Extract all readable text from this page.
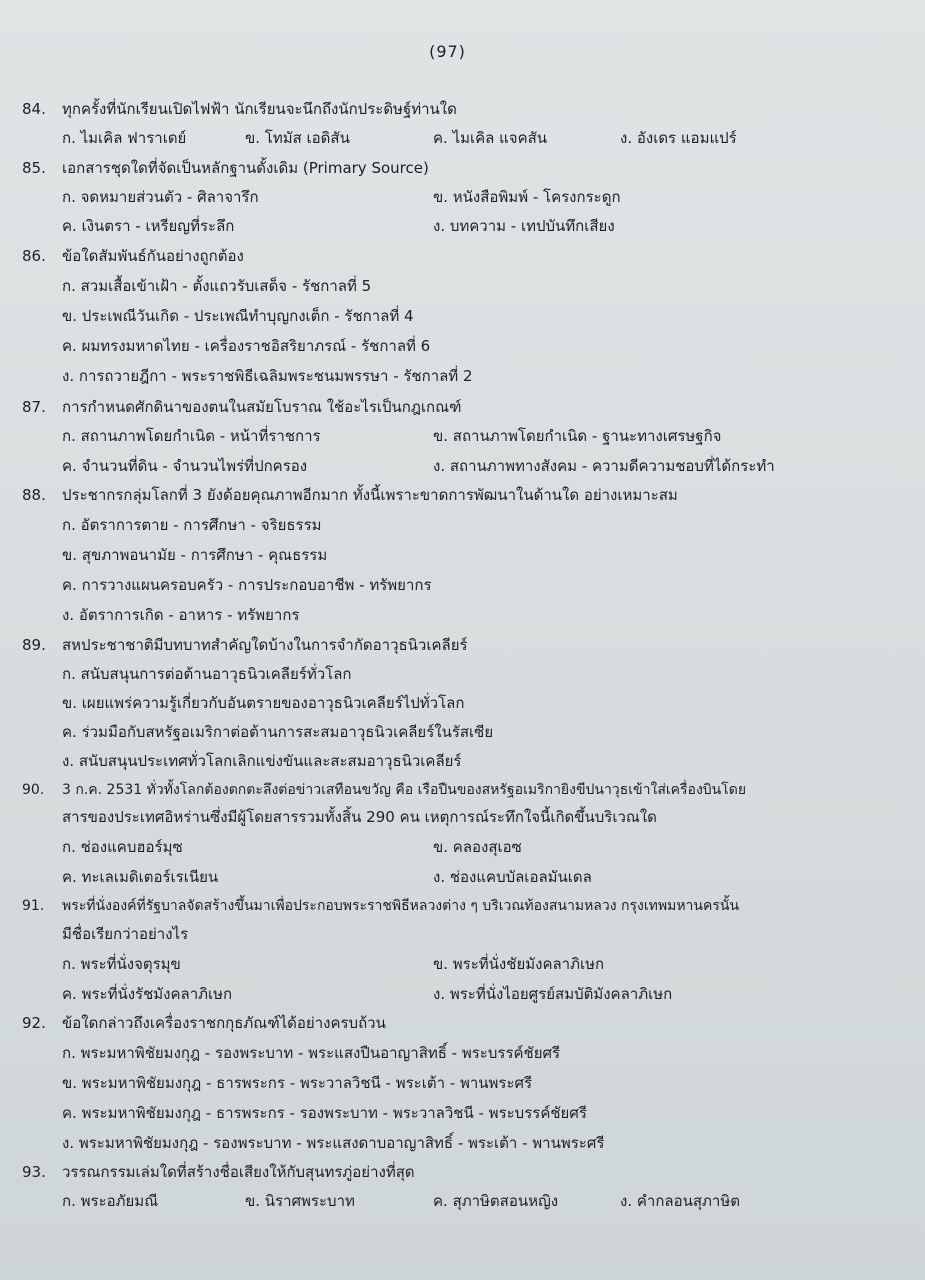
(97)
84. ทุกครั้งที่นักเรียนเปิดไฟฟ้า นักเรียนจะนึกถึงนักประดิษฐ์ท่านใด
ก. ไมเคิล ฟาราเดย์	ข. โทมัส เอดิสัน	ค. ไมเคิล แจคสัน	ง. อังเดร แอมแปร์
85. เอกสารชุดใดที่จัดเป็นหลักฐานดั้งเดิม (Primary Source)
ก. จดหมายส่วนตัว - ศิลาจารึก	ข. หนังสือพิมพ์ - โครงกระดูก
ค. เงินตรา - เหรียญที่ระลึก	ง. บทความ - เทปบันทึกเสียง
86. ข้อใดสัมพันธ์กันอย่างถูกต้อง
ก. สวมเสื้อเข้าเฝ้า - ตั้งแถวรับเสด็จ - รัชกาลที่ 5
ข. ประเพณีวันเกิด - ประเพณีทำบุญกงเต็ก - รัชกาลที่ 4
ค. ผมทรงมหาดไทย - เครื่องราชอิสริยาภรณ์ - รัชกาลที่ 6
ง. การถวายฎีกา - พระราชพิธีเฉลิมพระชนมพรรษา - รัชกาลที่ 2
87. การกำหนดศักดินาของตนในสมัยโบราณ ใช้อะไรเป็นกฎเกณฑ์
ก. สถานภาพโดยกำเนิด - หน้าที่ราชการ	ข. สถานภาพโดยกำเนิด - ฐานะทางเศรษฐกิจ
ค. จำนวนที่ดิน - จำนวนไพร่ที่ปกครอง	ง. สถานภาพทางสังคม - ความดีความชอบที่ได้กระทำ
88. ประชากรกลุ่มโลกที่ 3 ยังด้อยคุณภาพอีกมาก ทั้งนี้เพราะขาดการพัฒนาในด้านใด อย่างเหมาะสม
ก. อัตราการตาย - การศึกษา - จริยธรรม
ข. สุขภาพอนามัย - การศึกษา - คุณธรรม
ค. การวางแผนครอบครัว - การประกอบอาชีพ - ทรัพยากร
ง. อัตราการเกิด - อาหาร - ทรัพยากร
89. สหประชาชาติมีบทบาทสำคัญใดบ้างในการจำกัดอาวุธนิวเคลียร์
ก. สนับสนุนการต่อต้านอาวุธนิวเคลียร์ทั่วโลก
ข. เผยแพร่ความรู้เกี่ยวกับอันตรายของอาวุธนิวเคลียร์ไปทั่วโลก
ค. ร่วมมือกับสหรัฐอเมริกาต่อต้านการสะสมอาวุธนิวเคลียร์ในรัสเซีย
ง. สนับสนุนประเทศทั่วโลกเลิกแข่งขันและสะสมอาวุธนิวเคลียร์
90. 3 ก.ค. 2531 ทั่วทั้งโลกต้องตกตะลึงต่อข่าวเสทือนขวัญ คือ เรือปืนของสหรัฐอเมริกายิงขีปนาวุธเข้าใส่เครื่องบินโดย
สารของประเทศอิหร่านซึ่งมีผู้โดยสารรวมทั้งสิ้น 290 คน เหตุการณ์ระทึกใจนี้เกิดขึ้นบริเวณใด
ก. ช่องแคบฮอร์มุซ	ข. คลองสุเอซ
ค. ทะเลเมดิเตอร์เรเนียน	ง. ช่องแคบบัลเอลมันเดล
91. พระที่นั่งองค์ที่รัฐบาลจัดสร้างขึ้นมาเพื่อประกอบพระราชพิธีหลวงต่าง ๆ บริเวณท้องสนามหลวง กรุงเทพมหานครนั้น
มีชื่อเรียกว่าอย่างไร
ก. พระที่นั่งจตุรมุข	ข. พระที่นั่งชัยมังคลาภิเษก
ค. พระที่นั่งรัชมังคลาภิเษก	ง. พระที่นั่งไอยศูรย์สมบัติมังคลาภิเษก
92. ข้อใดกล่าวถึงเครื่องราชกกุธภัณฑ์ได้อย่างครบถ้วน
ก. พระมหาพิชัยมงกุฎ - รองพระบาท - พระแสงปืนอาญาสิทธิ์ - พระบรรค์ชัยศรี
ข. พระมหาพิชัยมงกุฎ - ธารพระกร - พระวาลวิชนี - พระเต้า - พานพระศรี
ค. พระมหาพิชัยมงกุฎ - ธารพระกร - รองพระบาท - พระวาลวิชนี - พระบรรค์ชัยศรี
ง. พระมหาพิชัยมงกุฎ - รองพระบาท - พระแสงดาบอาญาสิทธิ์ - พระเต้า - พานพระศรี
93. วรรณกรรมเล่มใดที่สร้างชื่อเสียงให้กับสุนทรภู่อย่างที่สุด
ก. พระอภัยมณี	ข. นิราศพระบาท	ค. สุภาษิตสอนหญิง	ง. คำกลอนสุภาษิต
